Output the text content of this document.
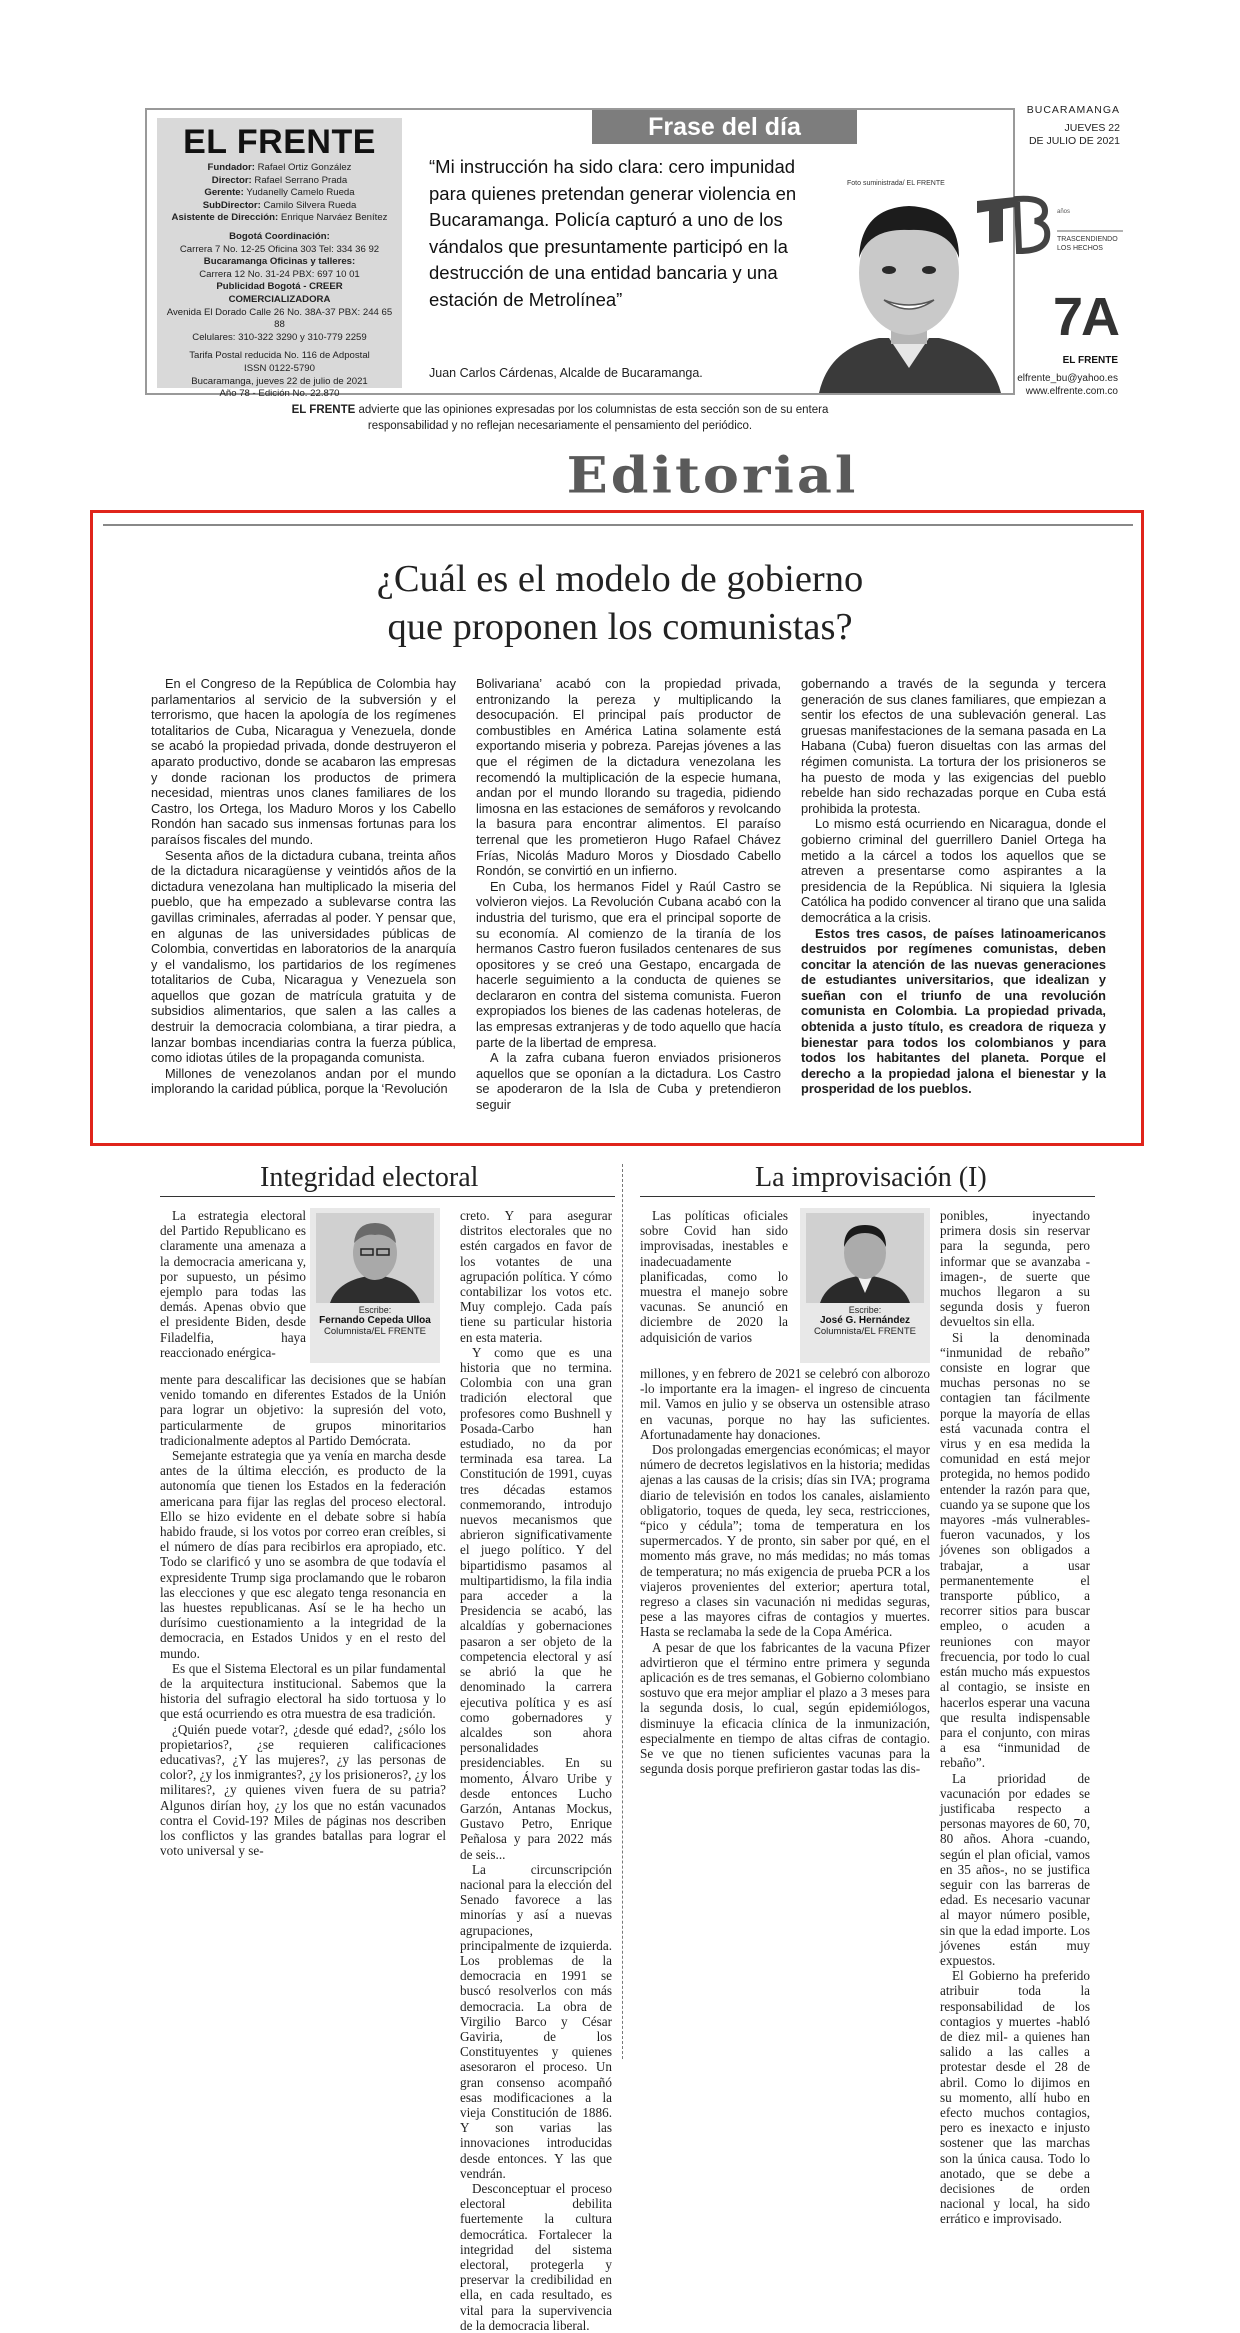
EL FRENTE
Fundador: Rafael Ortiz González
Director: Rafael Serrano Prada
Gerente: Yudanelly Camelo Rueda
SubDirector: Camilo Silvera Rueda
Asistente de Dirección: Enrique Narváez Benítez
Bogotá Coordinación:
Carrera 7 No. 12-25 Oficina 303 Tel: 334 36 92
Bucaramanga Oficinas y talleres:
Carrera 12 No. 31-24 PBX: 697 10 01
Publicidad Bogotá - CREER COMERCIALIZADORA
Avenida El Dorado Calle 26 No. 38A-37 PBX: 244 65 88
Celulares: 310-322 3290 y 310-779 2259
Tarifa Postal reducida No. 116 de Adpostal
ISSN 0122-5790
Bucaramanga, jueves 22 de julio de 2021
Año 78 - Edición No. 22.870
Frase del día
“Mi instrucción ha sido clara: cero impunidad para quienes pretendan generar violencia en Bucaramanga. Policía capturó a uno de los vándalos que presuntamente participó en la destrucción de una entidad bancaria y una estación de Metrolínea”
Juan Carlos Cárdenas, Alcalde de Bucaramanga.
Foto suministrada/ EL FRENTE
BUCARAMANGA
JUEVES 22
DE JULIO DE 2021
años
TRASCENDIENDO
LOS HECHOS
7A
EL FRENTE
elfrente_bu@yahoo.es
www.elfrente.com.co
EL FRENTE advierte que las opiniones expresadas por los columnistas de esta sección son de su entera responsabilidad y no reflejan necesariamente el pensamiento del periódico.
Editorial
¿Cuál es el modelo de gobierno
que proponen los comunistas?

En el Congreso de la República de Colombia hay parlamentarios al servicio de la subversión y el terrorismo, que hacen la apología de los regímenes totalitarios de Cuba, Nicaragua y Venezuela, donde se acabó la propiedad privada, donde destruyeron el aparato productivo, donde se acabaron las empresas y donde racionan los productos de primera necesidad, mientras unos clanes familiares de los Castro, los Ortega, los Maduro Moros y los Cabello Rondón han sacado sus inmensas fortunas para los paraísos fiscales del mundo.

Sesenta años de la dictadura cubana, treinta años de la dictadura nicaragüense y veintidós años de la dictadura venezolana han multiplicado la miseria del pueblo, que ha empezado a sublevarse contra las gavillas criminales, aferradas al poder. Y pensar que, en algunas de las universidades públicas de Colombia, convertidas en laboratorios de la anarquía y el vandalismo, los partidarios de los regímenes totalitarios de Cuba, Nicaragua y Venezuela son aquellos que gozan de matrícula gratuita y de subsidios alimentarios, que salen a las calles a destruir la democracia colombiana, a tirar piedra, a lanzar bombas incendiarias contra la fuerza pública, como idiotas útiles de la propaganda comunista.

Millones de venezolanos andan por el mundo implorando la caridad pública, porque la ‘Revolución

Bolivariana’ acabó con la propiedad privada, entronizando la pereza y multiplicando la desocupación. El principal país productor de combustibles en América Latina solamente está exportando miseria y pobreza. Parejas jóvenes a las que el régimen de la dictadura venezolana les recomendó la multiplicación de la especie humana, andan por el mundo llorando su tragedia, pidiendo limosna en las estaciones de semáforos y revolcando la basura para encontrar alimentos. El paraíso terrenal que les prometieron Hugo Rafael Chávez Frías, Nicolás Maduro Moros y Diosdado Cabello Rondón, se convirtió en un infierno.

En Cuba, los hermanos Fidel y Raúl Castro se volvieron viejos. La Revolución Cubana acabó con la industria del turismo, que era el principal soporte de su economía. Al comienzo de la tiranía de los hermanos Castro fueron fusilados centenares de sus opositores y se creó una Gestapo, encargada de hacerle seguimiento a la conducta de quienes se declararon en contra del sistema comunista. Fueron expropiados los bienes de las cadenas hoteleras, de las empresas extranjeras y de todo aquello que hacía parte de la libertad de empresa.

A la zafra cubana fueron enviados prisioneros aquellos que se oponían a la dictadura. Los Castro se apoderaron de la Isla de Cuba y pretendieron seguir

gobernando a través de la segunda y tercera generación de sus clanes familiares, que empiezan a sentir los efectos de una sublevación general. Las gruesas manifestaciones de la semana pasada en La Habana (Cuba) fueron disueltas con las armas del régimen comunista. La tortura der los prisioneros se ha puesto de moda y las exigencias del pueblo rebelde han sido rechazadas porque en Cuba está prohibida la protesta.

Lo mismo está ocurriendo en Nicaragua, donde el gobierno criminal del guerrillero Daniel Ortega ha metido a la cárcel a todos los aquellos que se atreven a presentarse como aspirantes a la presidencia de la República. Ni siquiera la Iglesia Católica ha podido convencer al tirano que una salida democrática a la crisis.

Estos tres casos, de países latinoamericanos destruidos por regímenes comunistas, deben concitar la atención de las nuevas generaciones de estudiantes universitarios, que idealizan y sueñan con el triunfo de una revolución comunista en Colombia. La propiedad privada, obtenida a justo título, es creadora de riqueza y bienestar para todos los colombianos y para todos los habitantes del planeta. Porque el derecho a la propiedad jalona el bienestar y la prosperidad de los pueblos.

Integridad electoral
Escribe:
Fernando Cepeda Ulloa
Columnista/EL FRENTE

La estrategia electoral del Partido Republicano es claramente una amenaza a la democracia americana y, por supuesto, un pésimo ejemplo para todas las demás. Apenas obvio que el presidente Biden, desde Filadelfia, haya reaccionado enérgica-

mente para descalificar las decisiones que se habían venido tomando en diferentes Estados de la Unión para lograr un objetivo: la supresión del voto, particularmente de grupos minoritarios tradicionalmente adeptos al Partido Demócrata.

Semejante estrategia que ya venía en marcha desde antes de la última elección, es producto de la autonomía que tienen los Estados en la federación americana para fijar las reglas del proceso electoral. Ello se hizo evidente en el debate sobre si había habido fraude, si los votos por correo eran creíbles, si el número de días para recibirlos era apropiado, etc. Todo se clarificó y uno se asombra de que todavía el expresidente Trump siga proclamando que le robaron las elecciones y que esc alegato tenga resonancia en las huestes republicanas. Así se le ha hecho un durísimo cuestionamiento a la integridad de la democracia, en Estados Unidos y en el resto del mundo.

Es que el Sistema Electoral es un pilar fundamental de la arquitectura institucional. Sabemos que la historia del sufragio electoral ha sido tortuosa y lo que está ocurriendo es otra muestra de esa tradición.

¿Quién puede votar?, ¿desde qué edad?, ¿sólo los propietarios?, ¿se requieren calificaciones educativas?, ¿Y las mujeres?, ¿y las personas de color?, ¿y los inmigrantes?, ¿y los prisioneros?, ¿y los militares?, ¿y quienes viven fuera de su patria? Algunos dirían hoy, ¿y los que no están vacunados contra el Covid-19? Miles de páginas nos describen los conflictos y las grandes batallas para lograr el voto universal y se-

creto. Y para asegurar distritos electorales que no estén cargados en favor de los votantes de una agrupación política. Y cómo contabilizar los votos etc. Muy complejo. Cada país tiene su particular historia en esta materia.

Y como que es una historia que no termina. Colombia con una gran tradición electoral que profesores como Bushnell y Posada-Carbo han estudiado, no da por terminada esa tarea. La Constitución de 1991, cuyas tres décadas estamos conmemorando, introdujo nuevos mecanismos que abrieron significativamente el juego político. Y del bipartidismo pasamos al multipartidismo, la fila india para acceder a la Presidencia se acabó, las alcaldías y gobernaciones pasaron a ser objeto de la competencia electoral y así se abrió la que he denominado la carrera ejecutiva política y es así como gobernadores y alcaldes son ahora personalidades presidenciables. En su momento, Álvaro Uribe y desde entonces Lucho Garzón, Antanas Mockus, Gustavo Petro, Enrique Peñalosa y para 2022 más de seis...

La circunscripción nacional para la elección del Senado favorece a las minorías y así a nuevas agrupaciones, principalmente de izquierda. Los problemas de la democracia en 1991 se buscó resolverlos con más democracia. La obra de Virgilio Barco y César Gaviria, de los Constituyentes y quienes asesoraron el proceso. Un gran consenso acompañó esas modificaciones a la vieja Constitución de 1886. Y son varias las innovaciones introducidas desde entonces. Y las que vendrán.

Desconceptuar el proceso electoral debilita fuertemente la cultura democrática. Fortalecer la integridad del sistema electoral, protegerla y preservar la credibilidad en ella, en cada resultado, es vital para la supervivencia de la democracia liberal.

La improvisación (I)
Escribe:
José G. Hernández
Columnista/EL FRENTE

Las políticas oficiales sobre Covid han sido improvisadas, inestables e inadecuadamente planificadas, como lo muestra el manejo sobre vacunas. Se anunció en diciembre de 2020 la adquisición de varios

millones, y en febrero de 2021 se celebró con alborozo -lo importante era la imagen- el ingreso de cincuenta mil. Vamos en julio y se observa un ostensible atraso en vacunas, porque no hay las suficientes. Afortunadamente hay donaciones.

Dos prolongadas emergencias económicas; el mayor número de decretos legislativos en la historia; medidas ajenas a las causas de la crisis; días sin IVA; programa diario de televisión en todos los canales, aislamiento obligatorio, toques de queda, ley seca, restricciones, “pico y cédula”; toma de temperatura en los supermercados. Y de pronto, sin saber por qué, en el momento más grave, no más medidas; no más tomas de temperatura; no más exigencia de prueba PCR a los viajeros provenientes del exterior; apertura total, regreso a clases sin vacunación ni medidas seguras, pese a las mayores cifras de contagios y muertes. Hasta se reclamaba la sede de la Copa América.

A pesar de que los fabricantes de la vacuna Pfizer advirtieron que el término entre primera y segunda aplicación es de tres semanas, el Gobierno colombiano sostuvo que era mejor ampliar el plazo a 3 meses para la segunda dosis, lo cual, según epidemiólogos, disminuye la eficacia clínica de la inmunización, especialmente en tiempo de altas cifras de contagio. Se ve que no tienen suficientes vacunas para la segunda dosis porque prefirieron gastar todas las dis-

ponibles, inyectando primera dosis sin reservar para la segunda, pero informar que se avanzaba -imagen-, de suerte que muchos llegaron a su segunda dosis y fueron devueltos sin ella.

Si la denominada “inmunidad de rebaño” consiste en lograr que muchas personas no se contagien tan fácilmente porque la mayoría de ellas está vacunada contra el virus y en esa medida la comunidad en está mejor protegida, no hemos podido entender la razón para que, cuando ya se supone que los mayores -más vulnerables- fueron vacunados, y los jóvenes son obligados a trabajar, a usar permanentemente el transporte público, a recorrer sitios para buscar empleo, o acuden a reuniones con mayor frecuencia, por todo lo cual están mucho más expuestos al contagio, se insiste en hacerlos esperar una vacuna que resulta indispensable para el conjunto, con miras a esa “inmunidad de rebaño”.

La prioridad de vacunación por edades se justificaba respecto a personas mayores de 60, 70, 80 años. Ahora -cuando, según el plan oficial, vamos en 35 años-, no se justifica seguir con las barreras de edad. Es necesario vacunar al mayor número posible, sin que la edad importe. Los jóvenes están muy expuestos.

El Gobierno ha preferido atribuir toda la responsabilidad de los contagios y muertes -habló de diez mil- a quienes han salido a las calles a protestar desde el 28 de abril. Como lo dijimos en su momento, allí hubo en efecto muchos contagios, pero es inexacto e injusto sostener que las marchas son la única causa. Todo lo anotado, que se debe a decisiones de orden nacional y local, ha sido errático e improvisado.
